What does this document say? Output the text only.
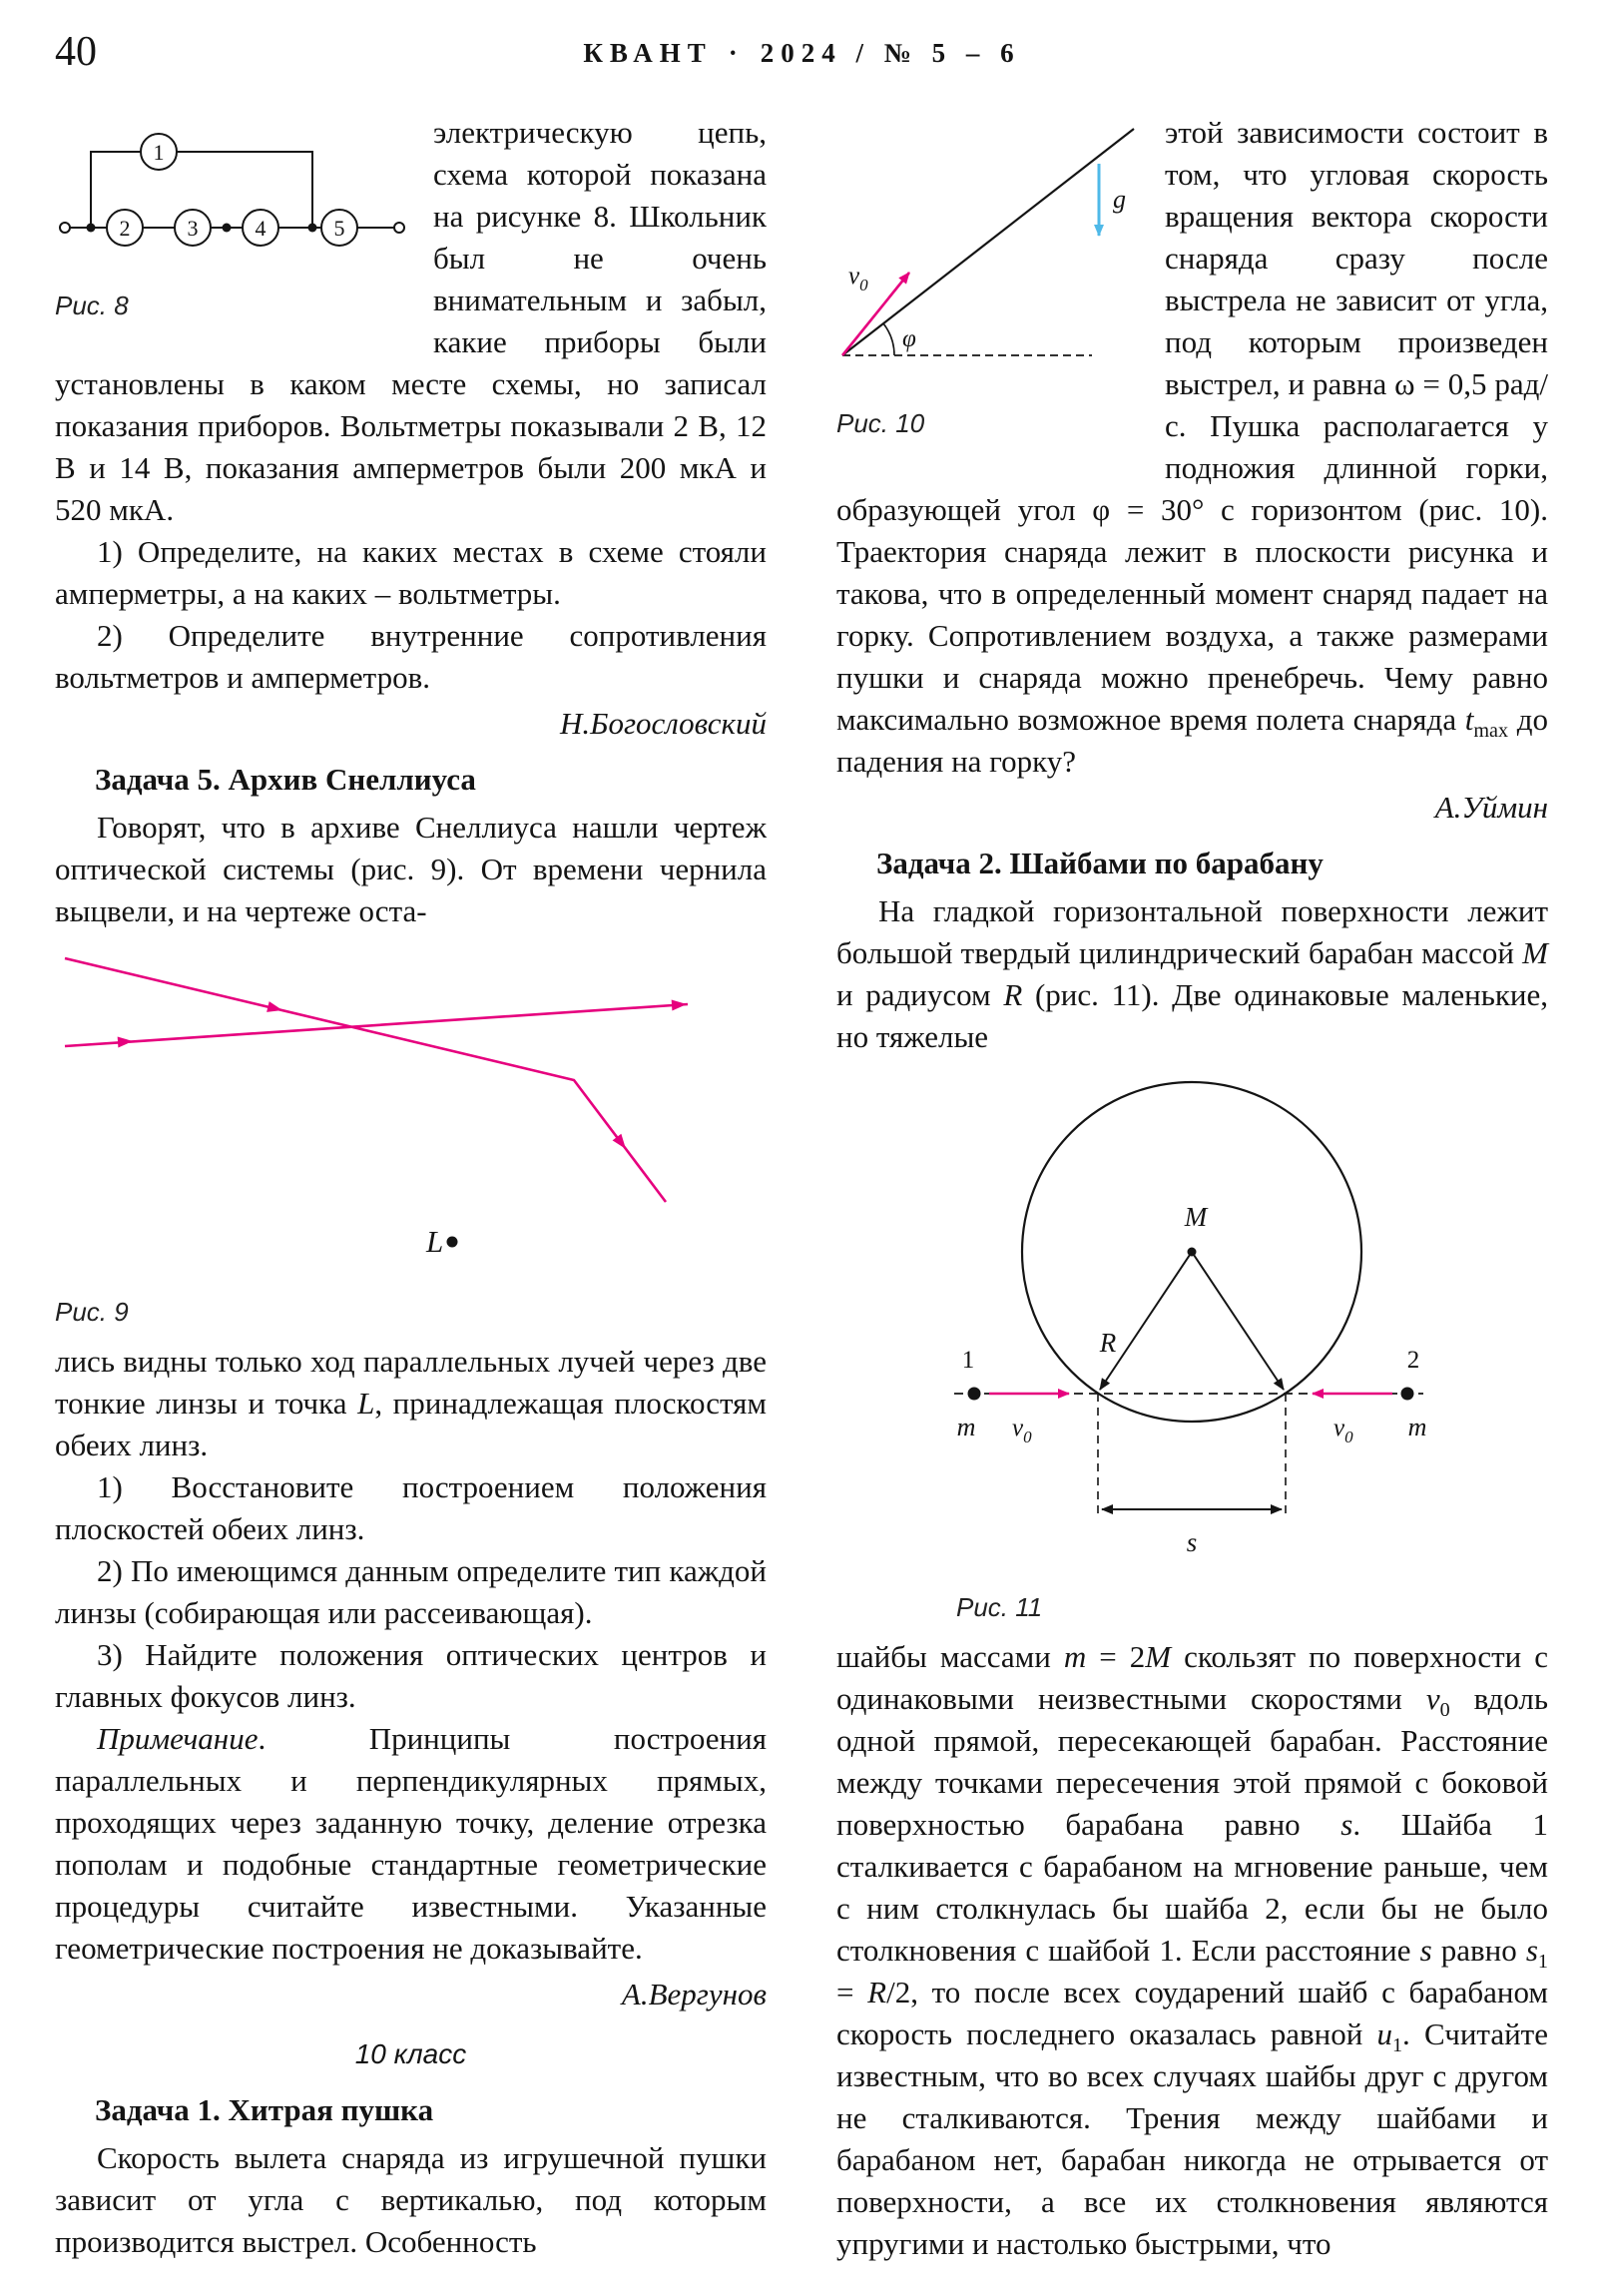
40	КВАНТ · 2024 / № 5 – 6
1
2	3	4	5
Рис. 8

электрическую цепь, схема которой показана на рисунке 8. Школьник был не очень внимательным и забыл, какие приборы были установлены в каком месте схемы, но записал показания приборов. Вольтметры показывали 2 В, 12 В и 14 В, показания амперметров были 200 мкА и 520 мкА.

1) Определите, на каких местах в схеме стояли амперметры, а на каких – вольтметры.

2) Определите внутренние сопротивления вольтметров и амперметров.

Н.Богословский

Задача 5. Архив Снеллиуса

Говорят, что в архиве Снеллиуса нашли чертеж оптической системы (рис. 9). От времени чернила выцвели, и на чертеже оста-

L
Рис. 9

лись видны только ход параллельных лучей через две тонкие линзы и точка L, принадлежащая плоскостям обеих линз.

1) Восстановите построением положения плоскостей обеих линз.

2) По имеющимся данным определите тип каждой линзы (собирающая или рассеивающая).

3) Найдите положения оптических центров и главных фокусов линз.

Примечание. Принципы построения параллельных и перпендикулярных прямых, проходящих через заданную точку, деление отрезка пополам и подобные стандартные геометрические процедуры считайте известными. Указанные геометрические построения не доказывайте.

А.Вергунов

10 класс
Задача 1. Хитрая пушка

Скорость вылета снаряда из игрушечной пушки зависит от угла с вертикалью, под которым производится выстрел. Особенность

$v_0$
φ
g
Рис. 10

этой зависимости состоит в том, что угловая скорость вращения вектора скорости снаряда сразу после выстрела не зависит от угла, под которым произведен выстрел, и равна ω = 0,5 рад/с. Пушка располагается у подножия длинной горки, образующей угол φ = 30° с горизонтом (рис. 10). Траектория снаряда лежит в плоскости рисунка и такова, что в определенный момент снаряд падает на горку. Сопротивлением воздуха, а также размерами пушки и снаряда можно пренебречь. Чему равно максимально возможное время полета снаряда $t_{max}$ до падения на горку?

А.Уймин

Задача 2. Шайбами по барабану

На гладкой горизонтальной поверхности лежит большой твердый цилиндрический барабан массой M и радиусом R (рис. 11). Две одинаковые маленькие, но тяжелые

M
R
s
1
m $v_0$
2
m
$v_0$
Рис. 11

шайбы массами m = 2M скользят по поверхности с одинаковыми неизвестными скоростями $v_0$ вдоль одной прямой, пересекающей барабан. Расстояние между точками пересечения этой прямой с боковой поверхностью барабана равно s. Шайба 1 сталкивается с барабаном на мгновение раньше, чем с ним столкнулась бы шайба 2, если бы не было столкновения с шайбой 1. Если расстояние s равно $s_1 = R/2$, то после всех соударений шайб с барабаном скорость последнего оказалась равной $u_1$. Считайте известным, что во всех случаях шайбы друг с другом не сталкиваются. Трения между шайбами и барабаном нет, барабан никогда не отрывается от поверхности, а все их столкновения являются упругими и настолько быстрыми, что
